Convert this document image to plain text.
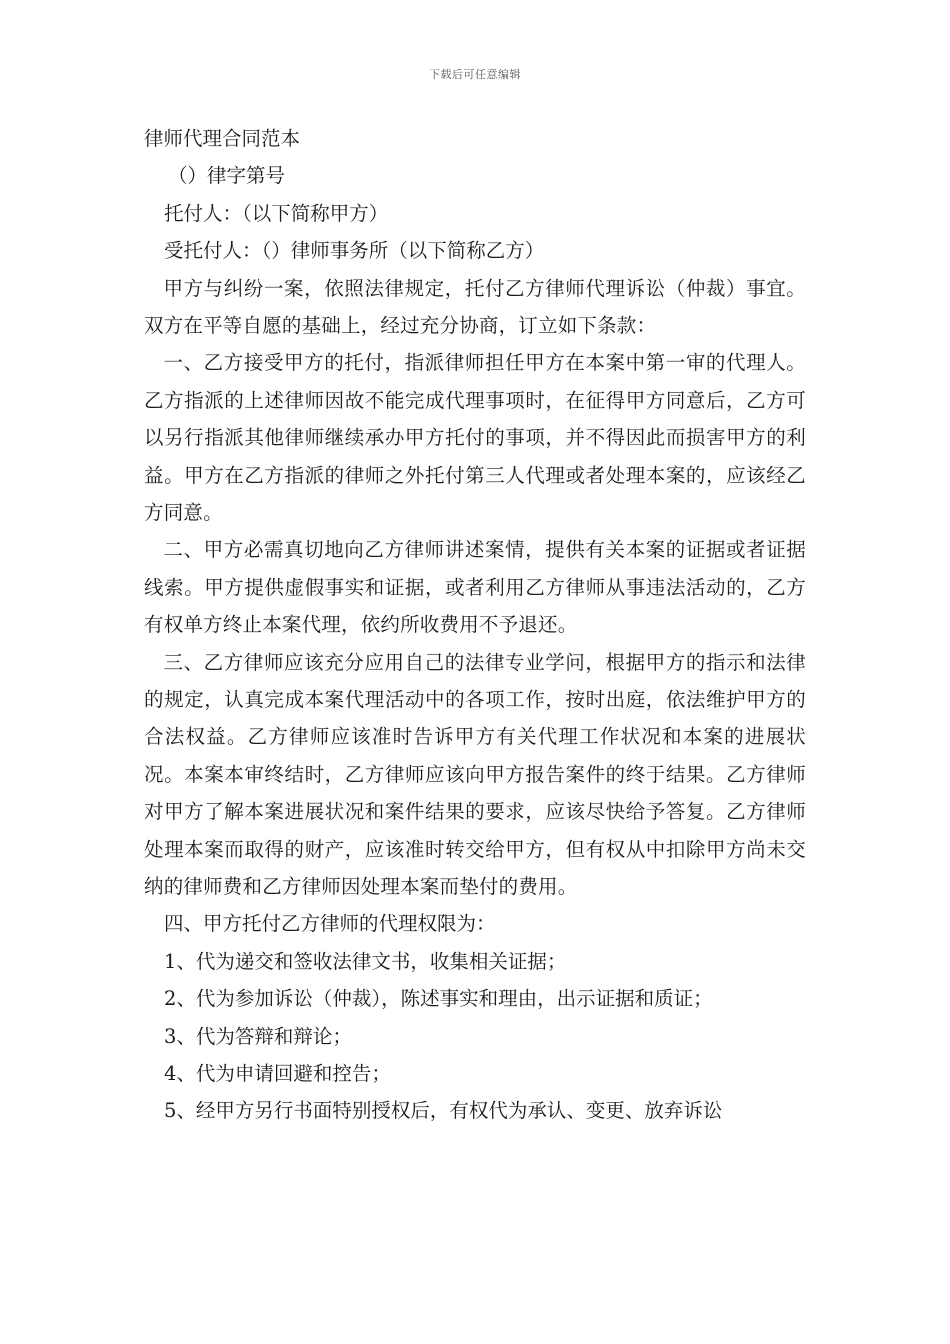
下载后可任意编辑
律师代理合同范本
（）律字第号
托付人：（以下简称甲方）
受托付人：（）律师事务所（以下简称乙方）
甲方与纠纷一案，依照法律规定，托付乙方律师代理诉讼（仲裁）事宜。双方在平等自愿的基础上，经过充分协商，订立如下条款：
一、乙方接受甲方的托付，指派律师担任甲方在本案中第一审的代理人。乙方指派的上述律师因故不能完成代理事项时，在征得甲方同意后，乙方可以另行指派其他律师继续承办甲方托付的事项，并不得因此而损害甲方的利益。甲方在乙方指派的律师之外托付第三人代理或者处理本案的，应该经乙方同意。
二、甲方必需真切地向乙方律师讲述案情，提供有关本案的证据或者证据线索。甲方提供虚假事实和证据，或者利用乙方律师从事违法活动的，乙方有权单方终止本案代理，依约所收费用不予退还。
三、乙方律师应该充分应用自己的法律专业学问，根据甲方的指示和法律的规定，认真完成本案代理活动中的各项工作，按时出庭，依法维护甲方的合法权益。乙方律师应该准时告诉甲方有关代理工作状况和本案的进展状况。本案本审终结时，乙方律师应该向甲方报告案件的终于结果。乙方律师对甲方了解本案进展状况和案件结果的要求，应该尽快给予答复。乙方律师处理本案而取得的财产，应该准时转交给甲方，但有权从中扣除甲方尚未交纳的律师费和乙方律师因处理本案而垫付的费用。
四、甲方托付乙方律师的代理权限为：
1、代为递交和签收法律文书，收集相关证据；
2、代为参加诉讼（仲裁），陈述事实和理由，出示证据和质证；
3、代为答辩和辩论；
4、代为申请回避和控告；
5、经甲方另行书面特别授权后，有权代为承认、变更、放弃诉讼
